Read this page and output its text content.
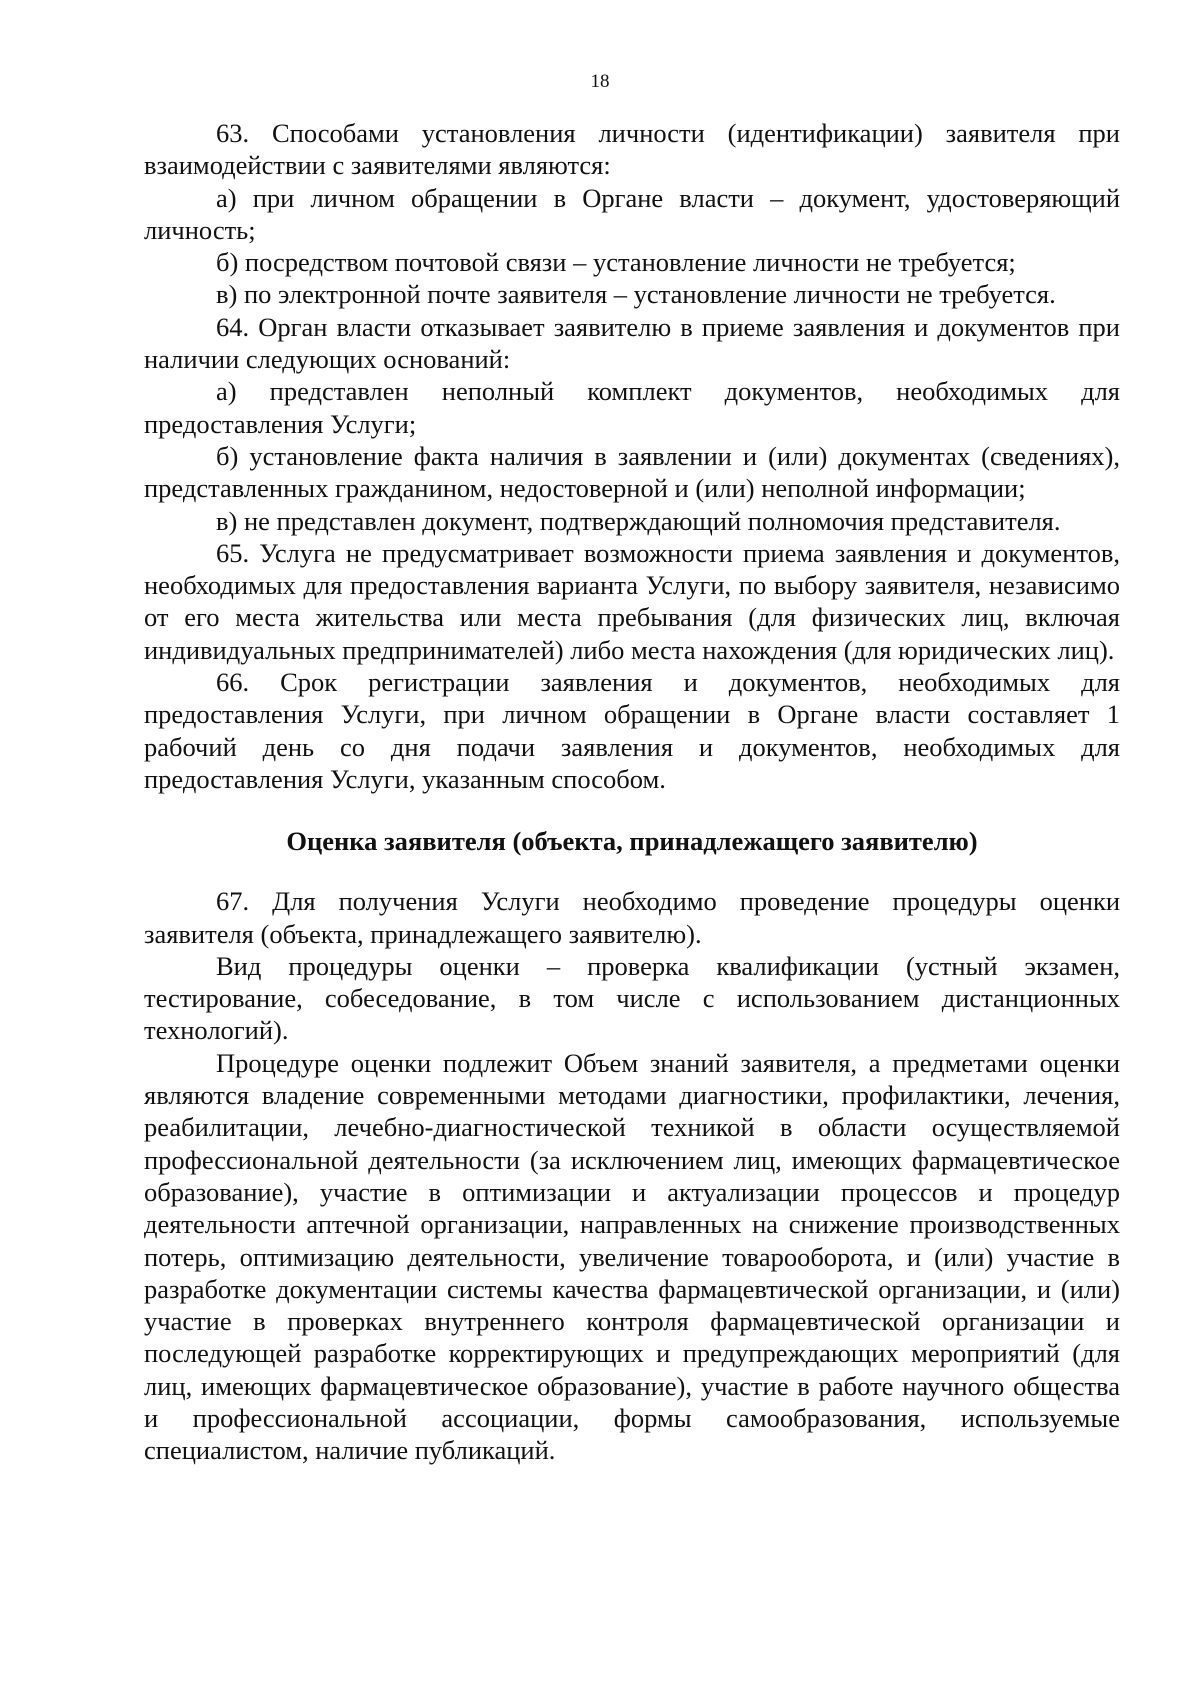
18

63. Способами установления личности (идентификации) заявителя при взаимодействии с заявителями являются:

а) при личном обращении в Органе власти – документ, удостоверяющий личность;

б) посредством почтовой связи – установление личности не требуется;

в) по электронной почте заявителя – установление личности не требуется.

64. Орган власти отказывает заявителю в приеме заявления и документов при наличии следующих оснований:

а) представлен неполный комплект документов, необходимых для предоставления Услуги;

б) установление факта наличия в заявлении и (или) документах (сведениях), представленных гражданином, недостоверной и (или) неполной информации;

в) не представлен документ, подтверждающий полномочия представителя.

65. Услуга не предусматривает возможности приема заявления и документов, необходимых для предоставления варианта Услуги, по выбору заявителя, независимо от его места жительства или места пребывания (для физических лиц, включая индивидуальных предпринимателей) либо места нахождения (для юридических лиц).

66. Срок регистрации заявления и документов, необходимых для предоставления Услуги, при личном обращении в Органе власти составляет 1 рабочий день со дня подачи заявления и документов, необходимых для предоставления Услуги, указанным способом.

Оценка заявителя (объекта, принадлежащего заявителю)

67. Для получения Услуги необходимо проведение процедуры оценки заявителя (объекта, принадлежащего заявителю).

Вид процедуры оценки – проверка квалификации (устный экзамен, тестирование, собеседование, в том числе с использованием дистанционных технологий).

Процедуре оценки подлежит Объем знаний заявителя, а предметами оценки являются владение современными методами диагностики, профилактики, лечения, реабилитации, лечебно-диагностической техникой в области осуществляемой профессиональной деятельности (за исключением лиц, имеющих фармацевтическое образование), участие в оптимизации и актуализации процессов и процедур деятельности аптечной организации, направленных на снижение производственных потерь, оптимизацию деятельности, увеличение товарооборота, и (или) участие в разработке документации системы качества фармацевтической организации, и (или) участие в проверках внутреннего контроля фармацевтической организации и последующей разработке корректирующих и предупреждающих мероприятий (для лиц, имеющих фармацевтическое образование), участие в работе научного общества и профессиональной ассоциации, формы самообразования, используемые специалистом, наличие публикаций.
